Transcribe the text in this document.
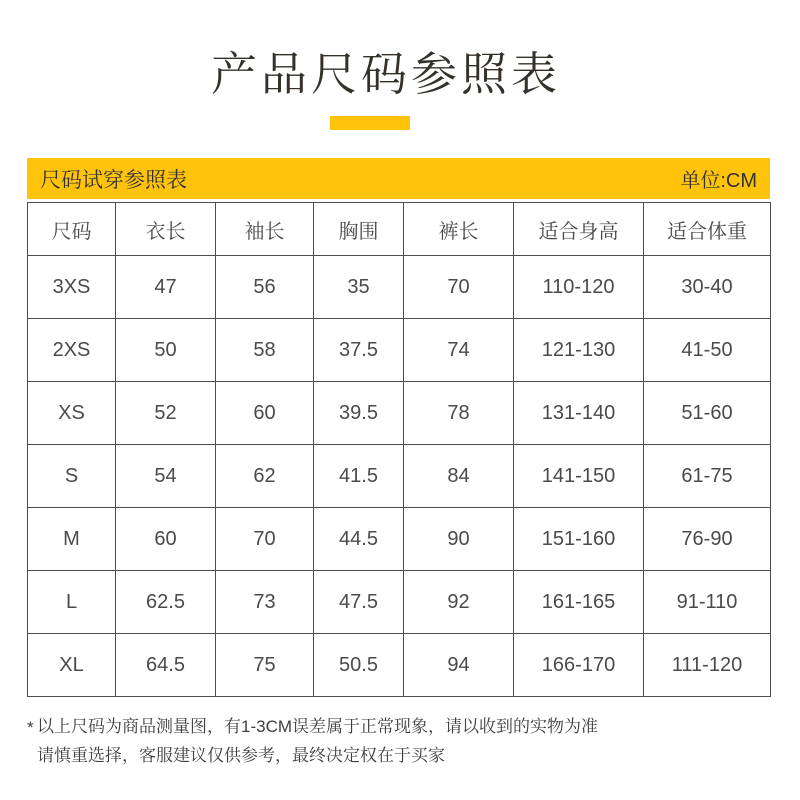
产品尺码参照表
尺码试穿参照表	单位:CM
尺码	衣长	袖长	胸围	裤长	适合身高	适合体重
3XS	47	56	35	70	110-120	30-40
2XS	50	58	37.5	74	121-130	41-50
XS	52	60	39.5	78	131-140	51-60
S	54	62	41.5	84	141-150	61-75
M	60	70	44.5	90	151-160	76-90
L	62.5	73	47.5	92	161-165	91-110
XL	64.5	75	50.5	94	166-170	111-120
* 以上尺码为商品测量图，有1-3CM误差属于正常现象，请以收到的实物为准
请慎重选择，客服建议仅供参考，最终决定权在于买家
